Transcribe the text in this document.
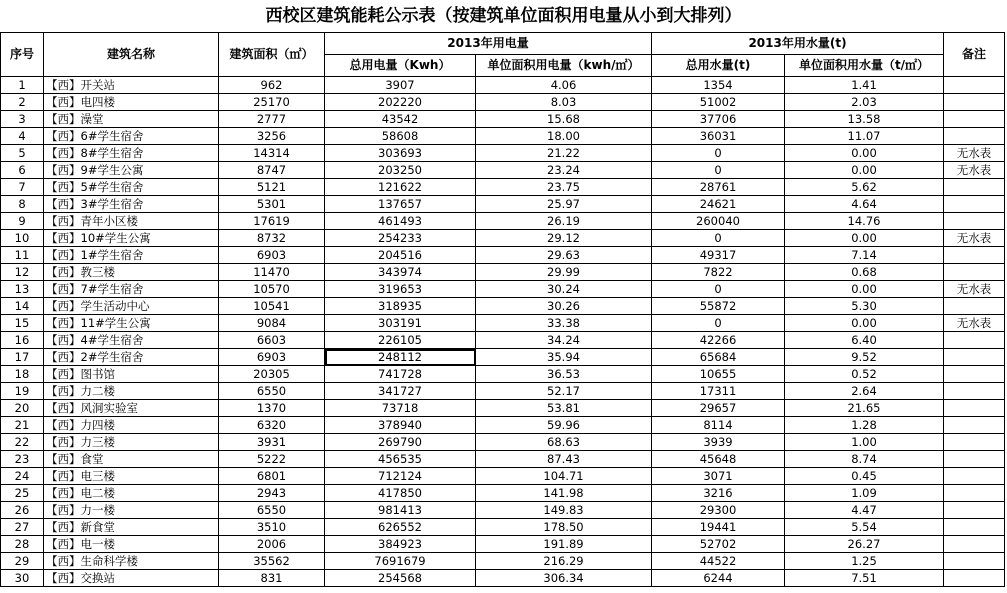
西校区建筑能耗公示表（按建筑单位面积用电量从小到大排列）
序号	建筑名称	建筑面积（㎡）	2013年用电量		2013年用水量(t)		备注
			总用电量（Kwh）	单位面积用电量（kwh/㎡）	总用水量(t)	单位面积用水量（t/㎡）	
1	【西】开关站	962	3907	4.06	1354	1.41	
2	【西】电四楼	25170	202220	8.03	51002	2.03	
3	【西】澡堂	2777	43542	15.68	37706	13.58	
4	【西】6#学生宿舍	3256	58608	18.00	36031	11.07	
5	【西】8#学生宿舍	14314	303693	21.22	0	0.00	无水表
6	【西】9#学生公寓	8747	203250	23.24	0	0.00	无水表
7	【西】5#学生宿舍	5121	121622	23.75	28761	5.62	
8	【西】3#学生宿舍	5301	137657	25.97	24621	4.64	
9	【西】青年小区楼	17619	461493	26.19	260040	14.76	
10	【西】10#学生公寓	8732	254233	29.12	0	0.00	无水表
11	【西】1#学生宿舍	6903	204516	29.63	49317	7.14	
12	【西】教三楼	11470	343974	29.99	7822	0.68	
13	【西】7#学生宿舍	10570	319653	30.24	0	0.00	无水表
14	【西】学生活动中心	10541	318935	30.26	55872	5.30	
15	【西】11#学生公寓	9084	303191	33.38	0	0.00	无水表
16	【西】4#学生宿舍	6603	226105	34.24	42266	6.40	
17	【西】2#学生宿舍	6903	248112	35.94	65684	9.52	
18	【西】图书馆	20305	741728	36.53	10655	0.52	
19	【西】力二楼	6550	341727	52.17	17311	2.64	
20	【西】风洞实验室	1370	73718	53.81	29657	21.65	
21	【西】力四楼	6320	378940	59.96	8114	1.28	
22	【西】力三楼	3931	269790	68.63	3939	1.00	
23	【西】食堂	5222	456535	87.43	45648	8.74	
24	【西】电三楼	6801	712124	104.71	3071	0.45	
25	【西】电二楼	2943	417850	141.98	3216	1.09	
26	【西】力一楼	6550	981413	149.83	29300	4.47	
27	【西】新食堂	3510	626552	178.50	19441	5.54	
28	【西】电一楼	2006	384923	191.89	52702	26.27	
29	【西】生命科学楼	35562	7691679	216.29	44522	1.25	
30	【西】交换站	831	254568	306.34	6244	7.51	
